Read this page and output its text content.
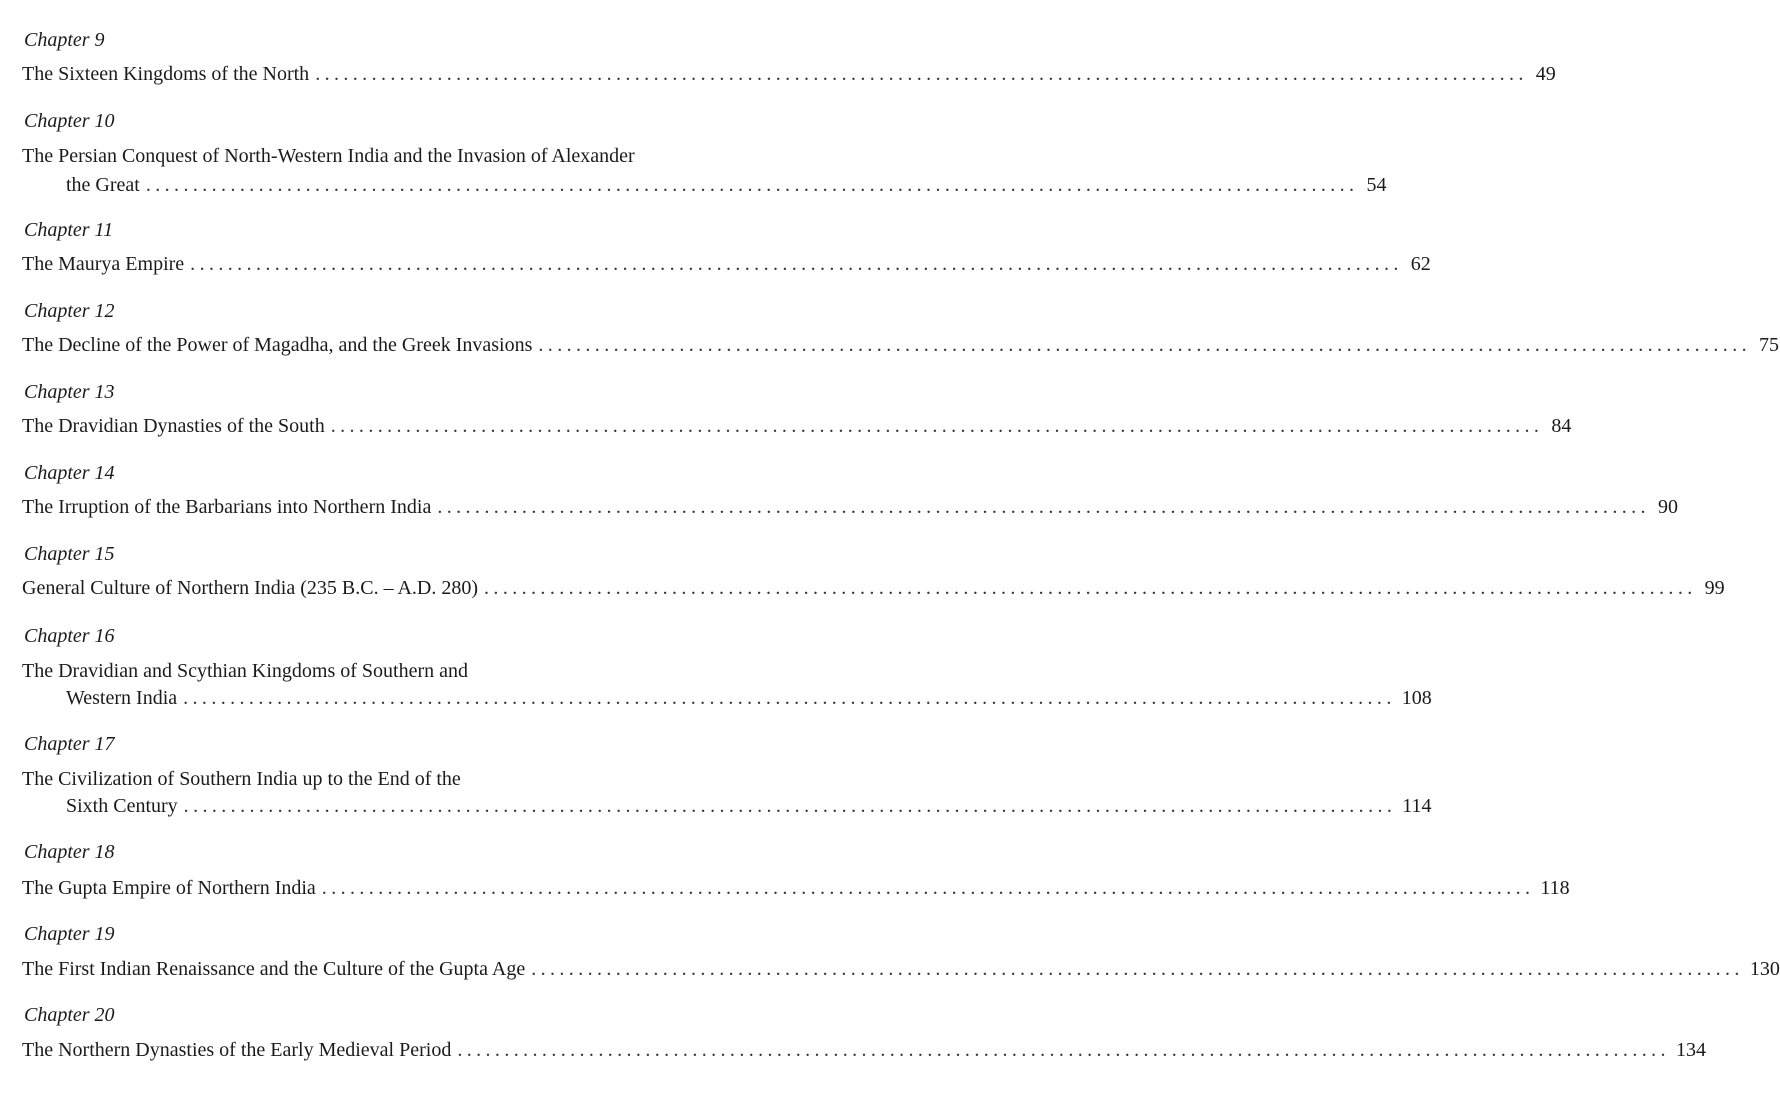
Chapter 9
The Sixteen Kingdoms of the North ................................................................................................................................. 49
Chapter 10
The Persian Conquest of North-Western India and the Invasion of Alexander
the Great ................................................................................................................................. 54
Chapter 11
The Maurya Empire ................................................................................................................................. 62
Chapter 12
The Decline of the Power of Magadha, and the Greek Invasions ................................................................................................................................. 75
Chapter 13
The Dravidian Dynasties of the South ................................................................................................................................. 84
Chapter 14
The Irruption of the Barbarians into Northern India ................................................................................................................................. 90
Chapter 15
General Culture of Northern India (235 B.C. – A.D. 280) ................................................................................................................................. 99
Chapter 16
The Dravidian and Scythian Kingdoms of Southern and
Western India ................................................................................................................................. 108
Chapter 17
The Civilization of Southern India up to the End of the
Sixth Century ................................................................................................................................. 114
Chapter 18
The Gupta Empire of Northern India ................................................................................................................................. 118
Chapter 19
The First Indian Renaissance and the Culture of the Gupta Age ................................................................................................................................. 130
Chapter 20
The Northern Dynasties of the Early Medieval Period ................................................................................................................................. 134
